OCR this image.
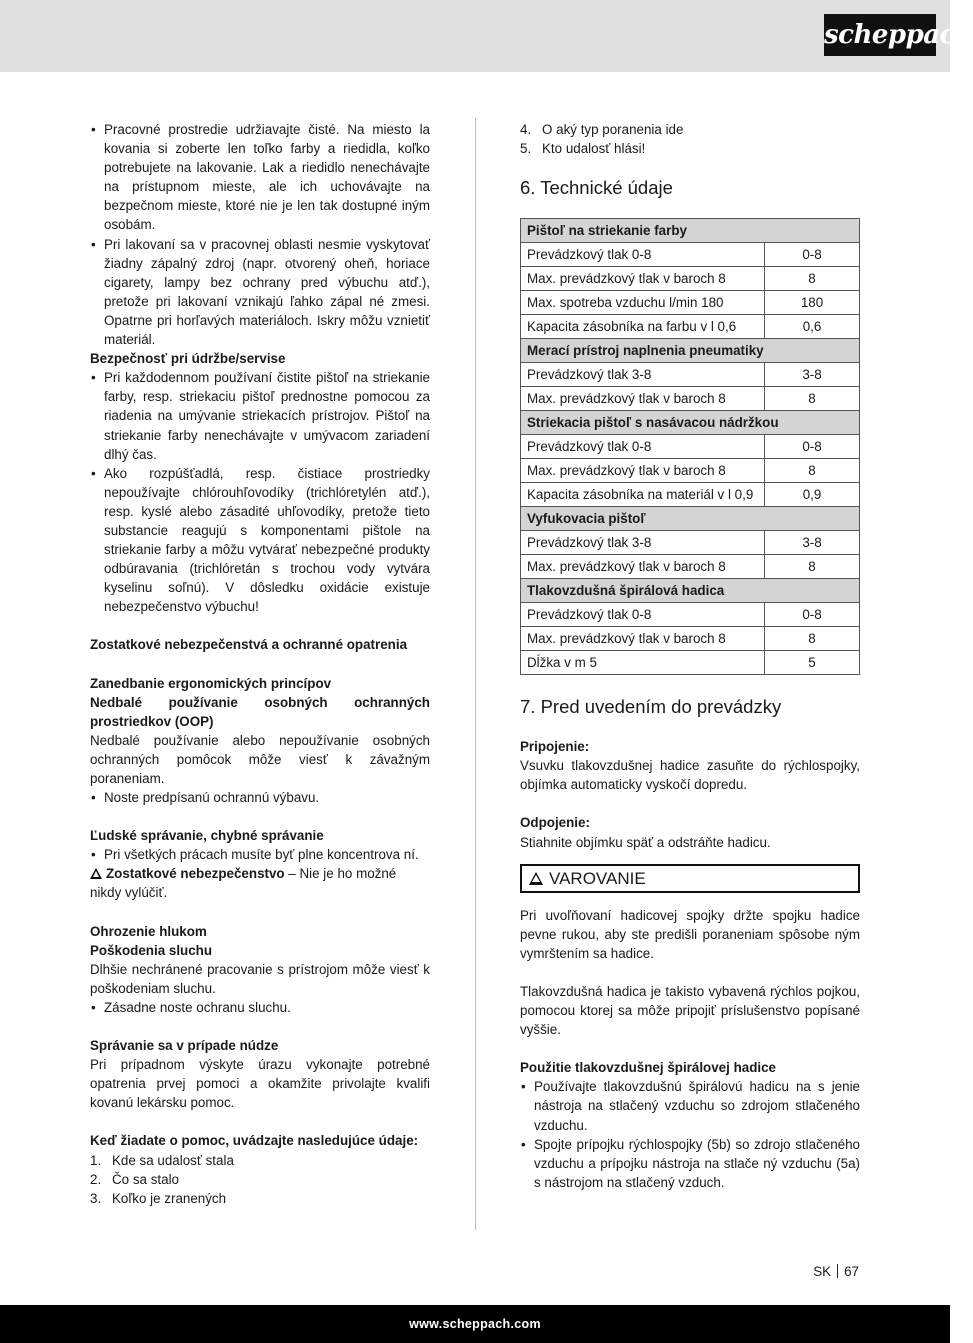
scheppach
• Pracovné prostredie udržiavajte čisté. Na miesto la kovania si zoberte len toľko farby a riedidla, koľko potrebujete na lakovanie. Lak a riedidlo nenechávajte na prístupnom mieste, ale ich uchovávajte na bezpečnom mieste, ktoré nie je len tak dostupné iným osobám.
• Pri lakovaní sa v pracovnej oblasti nesmie vyskytovať žiadny zápalný zdroj (napr. otvorený oheň, horiace cigarety, lampy bez ochrany pred výbuchu atď.), pretože pri lakovaní vznikajú ľahko zápal né zmesi. Opatrne pri horľavých materiáloch. Iskry môžu vznietiť materiál.

Bezpečnosť pri údržbe/servise

• Pri každodennom používaní čistite pištoľ na striekanie farby, resp. striekaciu pištoľ prednostne pomocou za riadenia na umývanie striekacích prístrojov. Pištoľ na striekanie farby nenechávajte v umývacom zariadení dlhý čas.
• Ako rozpúšťadlá, resp. čistiace prostriedky nepoužívajte chlórouhľovodíky (trichlóretylén atď.), resp. kyslé alebo zásadité uhľovodíky, pretože tieto substancie reagujú s komponentami pištole na striekanie farby a môžu vytvárať nebezpečné produkty odbúravania (trichlóretán s trochou vody vytvára kyselinu soľnú). V dôsledku oxidácie existuje nebezpečenstvo výbuchu!

Zostatkové nebezpečenstvá a ochranné opatrenia

Zanedbanie ergonomických princípov

Nedbalé používanie osobných ochranných prostriedkov (OOP)

Nedbalé používanie alebo nepoužívanie osobných ochranných pomôcok môže viesť k závažným poraneniam.

• Noste predpísanú ochrannú výbavu.

Ľudské správanie, chybné správanie

• Pri všetkých prácach musíte byť plne koncentrova ní.

Zostatkové nebezpečenstvo – Nie je ho možné nikdy vylúčiť.

Ohrozenie hlukom

Poškodenia sluchu

Dlhšie nechránené pracovanie s prístrojom môže viesť k poškodeniam sluchu.

• Zásadne noste ochranu sluchu.

Správanie sa v prípade núdze

Pri prípadnom výskyte úrazu vykonajte potrebné opatrenia prvej pomoci a okamžite privolajte kvalifi kovanú lekársku pomoc.

Keď žiadate o pomoc, uvádzajte nasledujúce údaje:

1. Kde sa udalosť stala
2. Čo sa stalo
3. Koľko je zranených
4. O aký typ poranenia ide
5. Kto udalosť hlási!
6. Technické údaje
Pištoľ na striekanie farby	
Prevádzkový tlak 0-8	0-8
Max. prevádzkový tlak v baroch 8	8
Max. spotreba vzduchu l/min 180	180
Kapacita zásobníka na farbu v l 0,6	0,6
Merací prístroj naplnenia pneumatiky	
Prevádzkový tlak 3-8	3-8
Max. prevádzkový tlak v baroch 8	8
Striekacia pištoľ s nasávacou nádržkou	
Prevádzkový tlak 0-8	0-8
Max. prevádzkový tlak v baroch 8	8
Kapacita zásobníka na materiál v l 0,9	0,9
Vyfukovacia pištoľ	
Prevádzkový tlak 3-8	3-8
Max. prevádzkový tlak v baroch 8	8
Tlakovzdušná špirálová hadica	
Prevádzkový tlak 0-8	0-8
Max. prevádzkový tlak v baroch 8	8
Dĺžka v m 5	5
7. Pred uvedením do prevádzky

Pripojenie:

Vsuvku tlakovzdušnej hadice zasuňte do rýchlospojky, objímka automaticky vyskočí dopredu.

Odpojenie:

Stiahnite objímku späť a odstráňte hadicu.

VAROVANIE

Pri uvoľňovaní hadicovej spojky držte spojku hadice pevne rukou, aby ste predišli poraneniam spôsobe ným vymrštením sa hadice.

Tlakovzdušná hadica je takisto vybavená rýchlos pojkou, pomocou ktorej sa môže pripojiť príslušenstvo popísané vyššie.

Použitie tlakovzdušnej špirálovej hadice

• Používajte tlakovzdušnú špirálovú hadicu na s jenie nástroja na stlačený vzduchu so zdrojom stlačeného vzduchu.
• Spojte prípojku rýchlospojky (5b) so zdrojo stlačeného vzduchu a prípojku nástroja na stlače ný vzduchu (5a) s nástrojom na stlačený vzduch.
SK 67
www.scheppach.com
